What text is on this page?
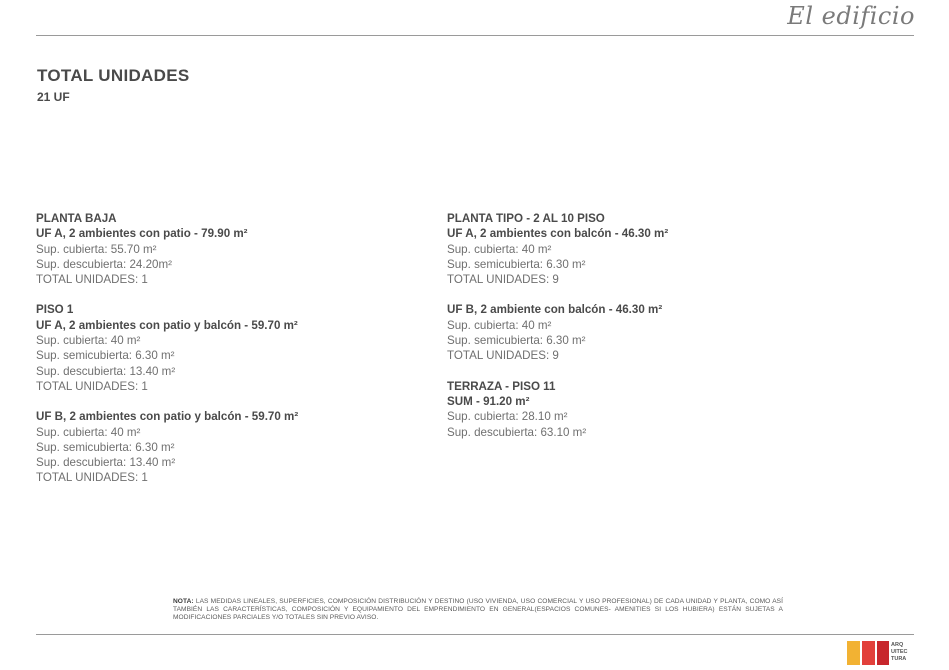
El edificio
TOTAL UNIDADES
21 UF
PLANTA BAJA
UF A, 2 ambientes con patio - 79.90 m²
Sup. cubierta: 55.70 m²
Sup. descubierta: 24.20m²
TOTAL UNIDADES: 1
PISO 1
UF A, 2 ambientes con patio y balcón - 59.70 m²
Sup. cubierta: 40 m²
Sup. semicubierta: 6.30 m²
Sup. descubierta: 13.40 m²
TOTAL UNIDADES: 1
UF B, 2 ambientes con patio y balcón - 59.70 m²
Sup. cubierta: 40 m²
Sup. semicubierta: 6.30 m²
Sup. descubierta: 13.40 m²
TOTAL UNIDADES: 1
PLANTA TIPO - 2 AL 10 PISO
UF A, 2 ambientes con balcón - 46.30 m²
Sup. cubierta: 40 m²
Sup. semicubierta: 6.30 m²
TOTAL UNIDADES: 9
UF B, 2 ambiente con balcón - 46.30 m²
Sup. cubierta: 40 m²
Sup. semicubierta: 6.30 m²
TOTAL UNIDADES: 9
TERRAZA - PISO 11
SUM - 91.20 m²
Sup. cubierta: 28.10 m²
Sup. descubierta: 63.10 m²
NOTA: LAS MEDIDAS LINEALES, SUPERFICIES, COMPOSICIÓN DISTRIBUCIÓN Y DESTINO (USO VIVIENDA, USO COMERCIAL Y USO PROFESIONAL) DE CADA UNIDAD Y PLANTA, COMO ASÍ TAMBIÉN LAS CARACTERÍSTICAS, COMPOSICIÓN Y EQUIPAMIENTO DEL EMPRENDIMIENTO EN GENERAL(ESPACIOS COMUNES- AMENITIES SI LOS HUBIERA) ESTÁN SUJETAS A MODIFICACIONES PARCIALES Y/O TOTALES SIN PREVIO AVISO.
ARQ
UITEC
TURA
